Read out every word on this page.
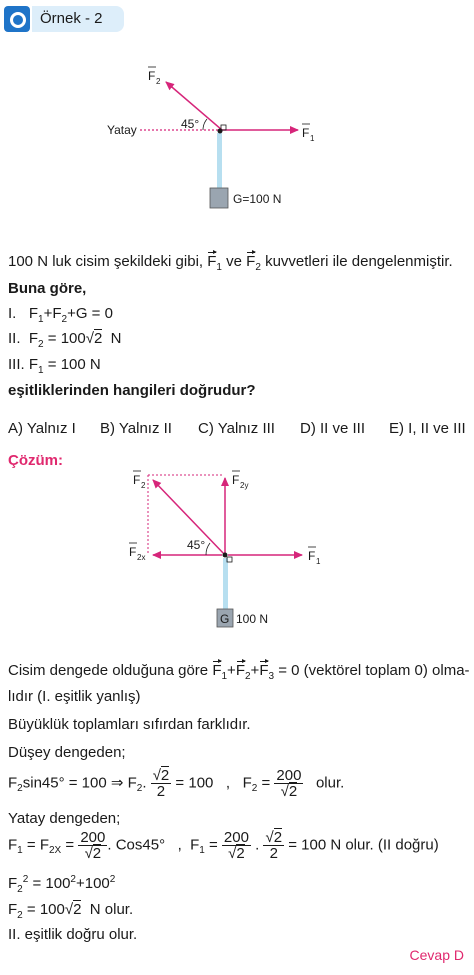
Örnek - 2
45°
Yatay
G=100 N
F 1
F 2
100 N luk cisim şekildeki gibi, $F_1$ ve $F_2$ kuvvetleri ile dengelenmiştir.
Buna göre,
I.   $F_1+F_2+G = 0$
II.  $F_2 = 100√2$ N
III. $F_1 = 100$ N
eşitliklerinden hangileri doğrudur?
A) Yalnız I B) Yalnız II C) Yalnız III D) II ve III E) I, II ve III
Çözüm:
45°
G 100 N
F 2	F 2y
F 2x	F 1
Cisim dengede olduğuna göre $F_1+F_2+F_3 = 0$ (vektörel toplam 0) olma-
lıdır (I. eşitlik yanlış)
Büyüklük toplamları sıfırdan farklıdır.
Düşey dengeden;
$F_2\sin 45^\circ = 100$ ⇒ $F_2$. $\frac{√2}{2} = 100$   ,   $F_2 = \frac{200}{√2}$ olur.
Yatay dengeden;
$F_1 = F_{2X} = \frac{200}{√2}$ . Cos45°   ,  $F_1 = \frac{200}{√2}$ . $\frac{√2}{2} = 100$ N olur. (II doğru)
$F_2^2 = 100^2+100^2$
$F_2 = 100√2$ N olur.
II. eşitlik doğru olur.
Cevap D
